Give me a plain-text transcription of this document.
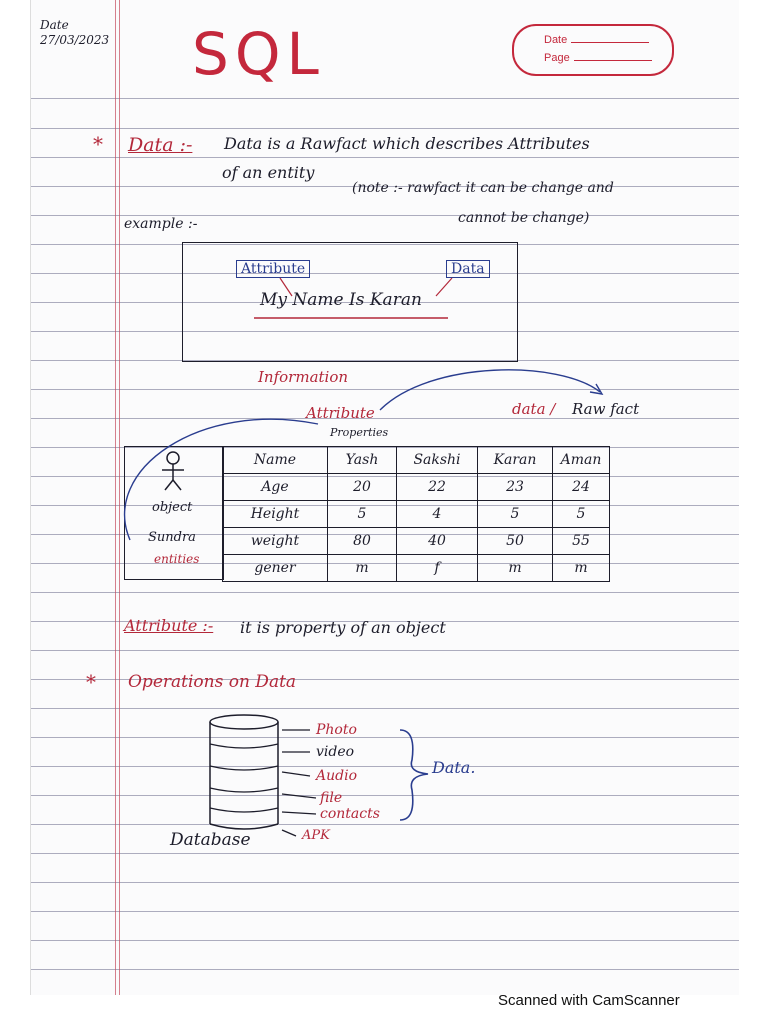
Date
27/03/2023 SQL	Date
Page
* Data :- Data is a Rawfact which describes Attributes
of an entity
(note :- rawfact it can be change and
cannot be change)
example :-
Attribute	Data
My Name Is Karan
Information
Attribute
Properties
data / Raw fact
object
Sundra
entities
Name	Yash	Sakshi	Karan	Aman
Age	20	22	23	24
Height	5	4	5	5
weight	80	40	50	55
gener	m	f	m	m
Attribute :- it is property of an object
* Operations on Data
Photo
video
Audio
file
contacts
APK
Data.
Database
Scanned with CamScanner
